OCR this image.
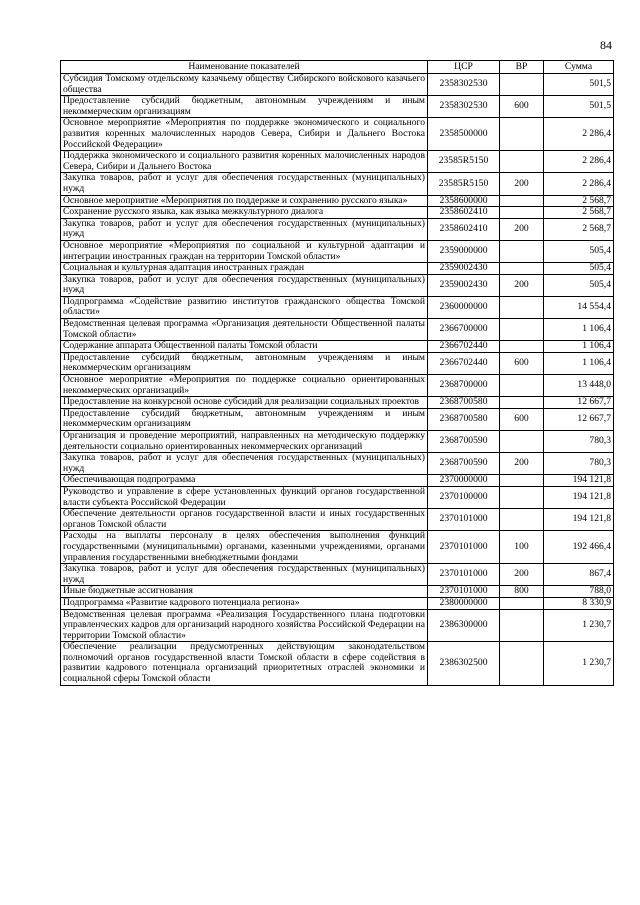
84
Наименование показателей	ЦСР	ВР	Сумма
Субсидия Томскому отдельскому казачьему обществу Сибирского войскового казачьего общества	2358302530		501,5
Предоставление субсидий бюджетным, автономным учреждениям и иным некоммерческим организациям	2358302530	600	501,5
Основное мероприятие «Мероприятия по поддержке экономического и социального развития коренных малочисленных народов Севера, Сибири и Дальнего Востока Российской Федерации»	2358500000		2 286,4
Поддержка экономического и социального развития коренных малочисленных народов Севера, Сибири и Дальнего Востока	23585R5150		2 286,4
Закупка товаров, работ и услуг для обеспечения государственных (муниципальных) нужд	23585R5150	200	2 286,4
Основное мероприятие «Мероприятия по поддержке и сохранению русского языка»	2358600000		2 568,7
Сохранение русского языка, как языка межкультурного диалога	2358602410		2 568,7
Закупка товаров, работ и услуг для обеспечения государственных (муниципальных) нужд	2358602410	200	2 568,7
Основное мероприятие «Мероприятия по социальной и культурной адаптации и интеграции иностранных граждан на территории Томской области»	2359000000		505,4
Социальная и культурная адаптация иностранных граждан	2359002430		505,4
Закупка товаров, работ и услуг для обеспечения государственных (муниципальных) нужд	2359002430	200	505,4
Подпрограмма «Содействие развитию институтов гражданского общества Томской области»	2360000000		14 554,4
Ведомственная целевая программа «Организация деятельности Общественной палаты Томской области»	2366700000		1 106,4
Содержание аппарата Общественной палаты Томской области	2366702440		1 106,4
Предоставление субсидий бюджетным, автономным учреждениям и иным некоммерческим организациям	2366702440	600	1 106,4
Основное мероприятие «Мероприятия по поддержке социально ориентированных некоммерческих организаций»	2368700000		13 448,0
Предоставление на конкурсной основе субсидий для реализации социальных проектов	2368700580		12 667,7
Предоставление субсидий бюджетным, автономным учреждениям и иным некоммерческим организациям	2368700580	600	12 667,7
Организация и проведение мероприятий, направленных на методическую поддержку деятельности социально ориентированных некоммерческих организаций	2368700590		780,3
Закупка товаров, работ и услуг для обеспечения государственных (муниципальных) нужд	2368700590	200	780,3
Обеспечивающая подпрограмма	2370000000		194 121,8
Руководство и управление в сфере установленных функций органов государственной власти субъекта Российской Федерации	2370100000		194 121,8
Обеспечение деятельности органов государственной власти и иных государственных органов Томской области	2370101000		194 121,8
Расходы на выплаты персоналу в целях обеспечения выполнения функций государственными (муниципальными) органами, казенными учреждениями, органами управления государственными внебюджетными фондами	2370101000	100	192 466,4
Закупка товаров, работ и услуг для обеспечения государственных (муниципальных) нужд	2370101000	200	867,4
Иные бюджетные ассигнования	2370101000	800	788,0
Подпрограмма «Развитие кадрового потенциала региона»	2380000000		8 330,9
Ведомственная целевая программа «Реализация Государственного плана подготовки управленческих кадров для организаций народного хозяйства Российской Федерации на территории Томской области»	2386300000		1 230,7
Обеспечение реализации предусмотренных действующим законодательством полномочий органов государственной власти Томской области в сфере содействия в развитии кадрового потенциала организаций приоритетных отраслей экономики и социальной сферы Томской области	2386302500		1 230,7
